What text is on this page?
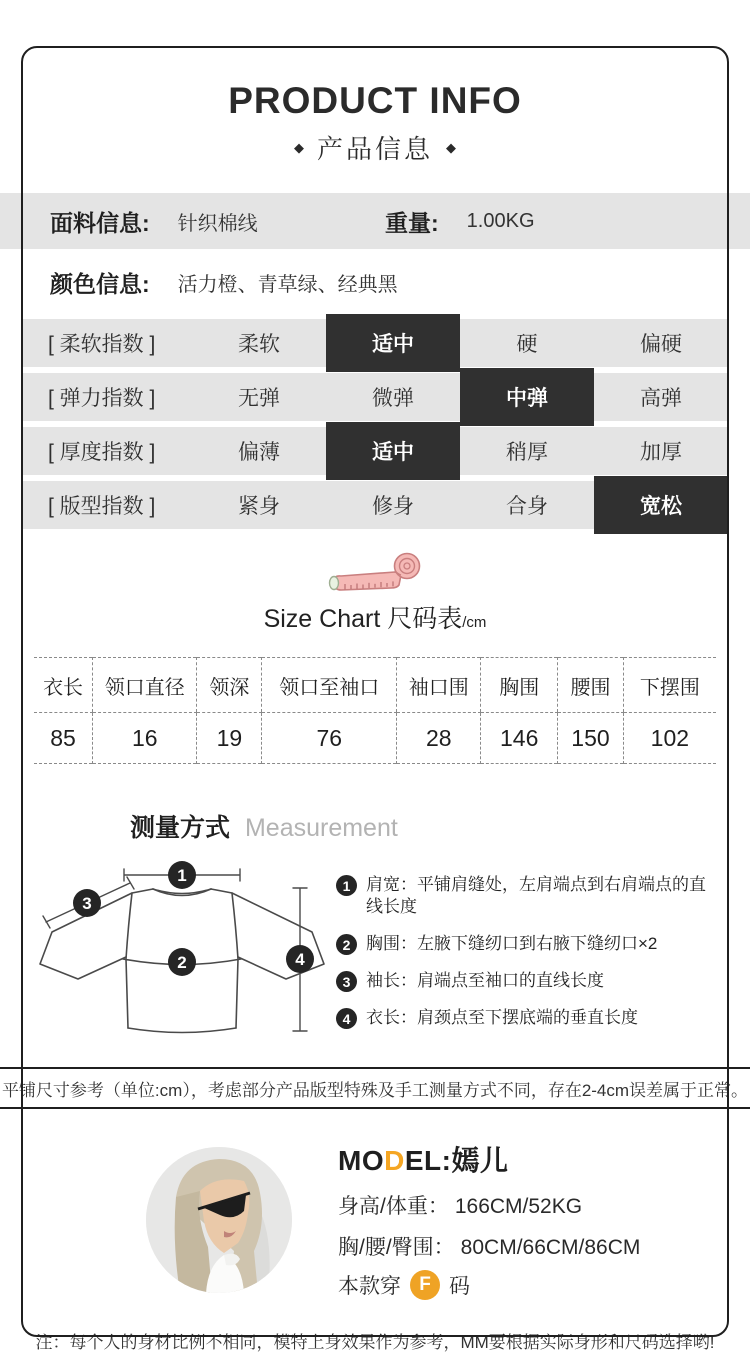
PRODUCT INFO
◆ 产品信息 ◆
面料信息: 针织棉线	重量: 1.00KG
颜色信息: 活力橙、青草绿、经典黑
[ 柔软指数 ]	柔软	适中	硬	偏硬
[ 弹力指数 ]	无弹	微弹	中弹	高弹
[ 厚度指数 ]	偏薄	适中	稍厚	加厚
[ 版型指数 ]	紧身	修身	合身	宽松
Size Chart 尺码表/cm
衣长	领口直径	领深	领口至袖口	袖口围	胸围	腰围	下摆围
85	16	19	76	28	146	150	102
测量方式 Measurement
1
3
2	4
1 肩宽：平铺肩缝处，左肩端点到右肩端点的直线长度
2 胸围：左腋下缝纫口到右腋下缝纫口×2
3 袖长：肩端点至袖口的直线长度
4 衣长：肩颈点至下摆底端的垂直长度
平铺尺寸参考（单位:cm），考虑部分产品版型特殊及手工测量方式不同，存在2-4cm误差属于正常。
MODEL:嫣儿
身高/体重： 166CM/52KG
胸/腰/臀围： 80CM/66CM/86CM
本款穿 F 码
注：每个人的身材比例不相同，模特上身效果作为参考，MM要根据实际身形和尺码选择哟!
